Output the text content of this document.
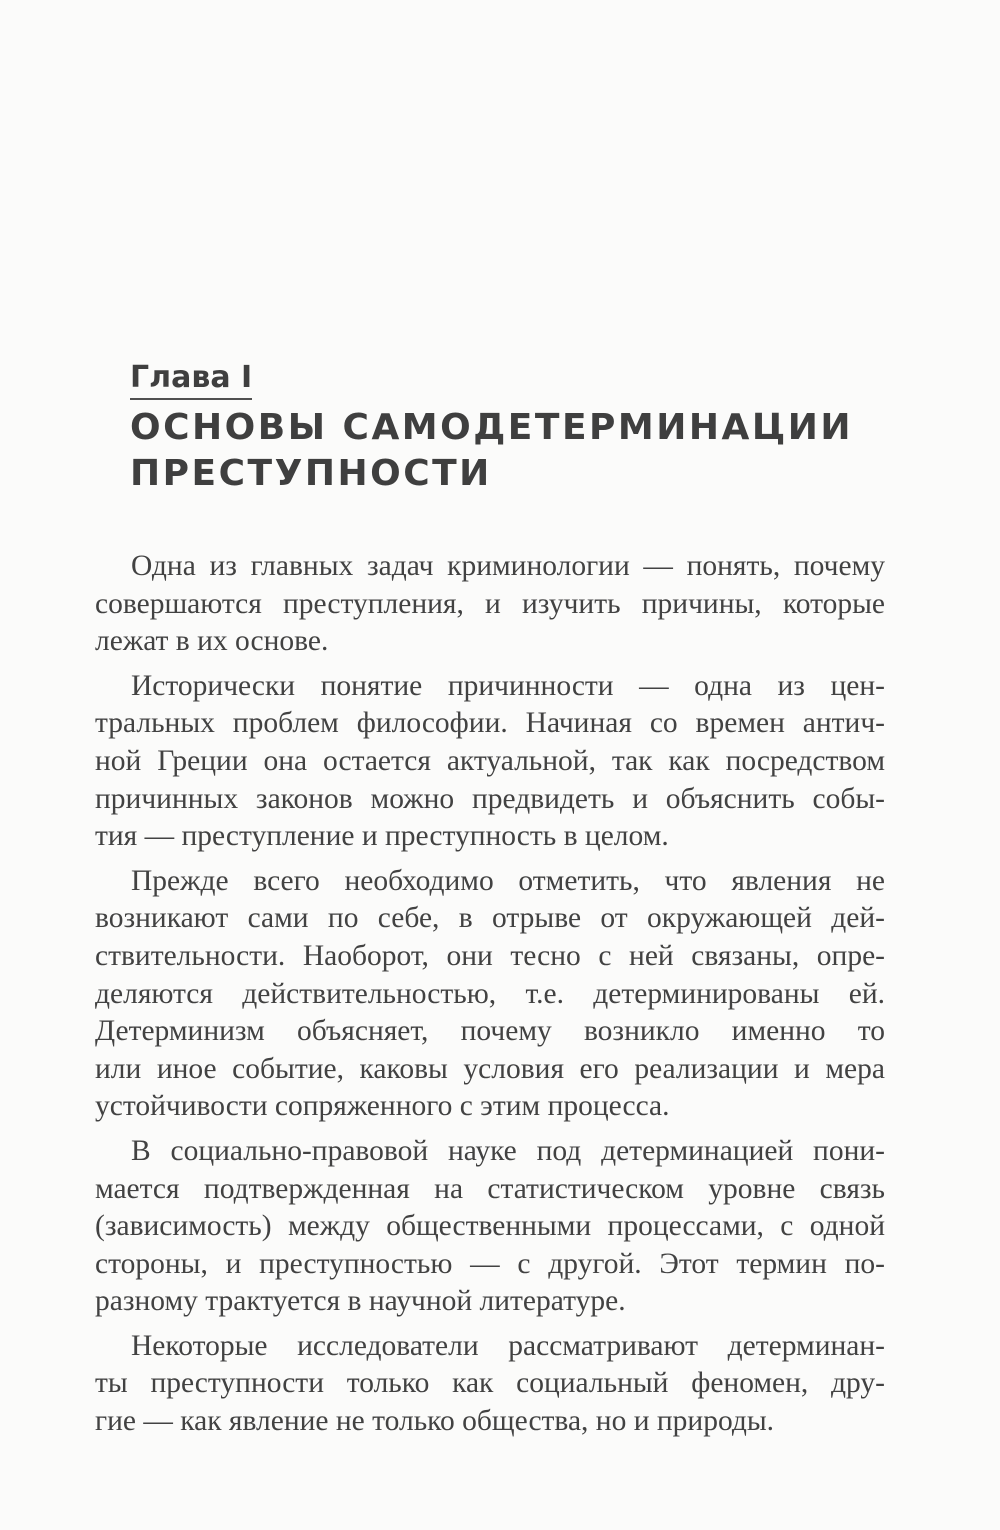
Глава I
ОСНОВЫ САМОДЕТЕРМИНАЦИИ
ПРЕСТУПНОСТИ

Одна из главных задач криминологии — понять, почему
совершаются преступления, и изучить причины, которые
лежат в их основе.

Исторически понятие причинности — одна из цен-
тральных проблем философии. Начиная со времен антич-
ной Греции она остается актуальной, так как посредством
причинных законов можно предвидеть и объяснить собы-
тия — преступление и преступность в целом.

Прежде всего необходимо отметить, что явления не
возникают сами по себе, в отрыве от окружающей дей-
ствительности. Наоборот, они тесно с ней связаны, опре-
деляются действительностью, т.е. детерминированы ей.
Детерминизм объясняет, почему возникло именно то
или иное событие, каковы условия его реализации и мера
устойчивости сопряженного с этим процесса.

В социально-правовой науке под детерминацией пони-
мается подтвержденная на статистическом уровне связь
(зависимость) между общественными процессами, с одной
стороны, и преступностью — с другой. Этот термин по-
разному трактуется в научной литературе.

Некоторые исследователи рассматривают детерминан-
ты преступности только как социальный феномен, дру-
гие — как явление не только общества, но и природы.
